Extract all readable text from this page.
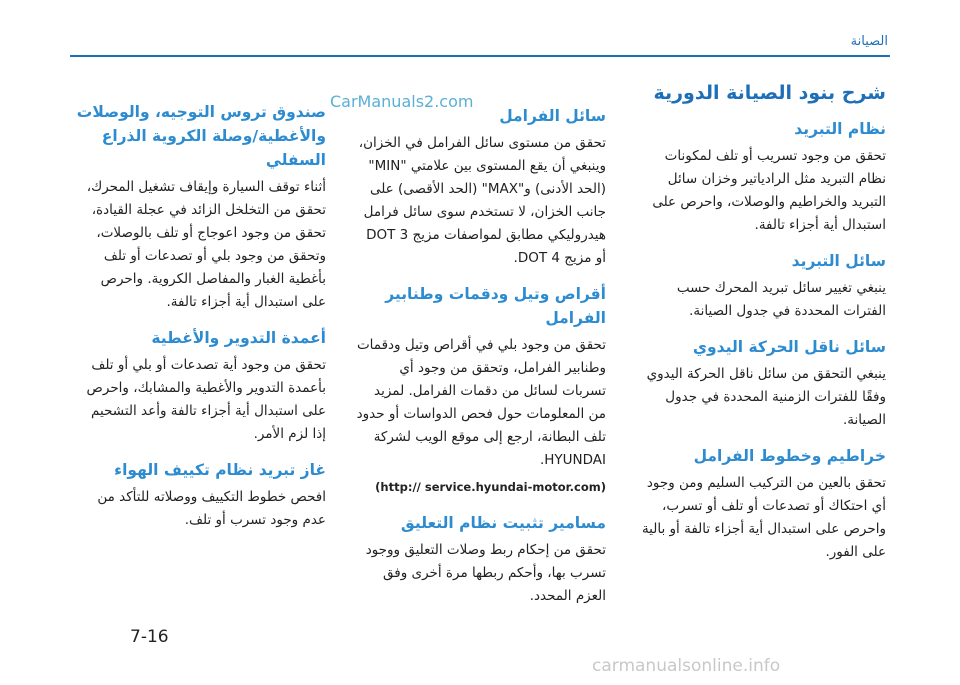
الصيانة
CarManuals2.com	شرح بنود الصيانة الدورية
نظام التبريد

تحقق من وجود تسريب أو تلف لمكونات نظام التبريد مثل الرادياتير وخزان سائل التبريد والخراطيم والوصلات، واحرص على استبدال أية أجزاء تالفة.

سائل التبريد

ينبغي تغيير سائل تبريد المحرك حسب الفترات المحددة في جدول الصيانة.

سائل ناقل الحركة اليدوي

ينبغي التحقق من سائل ناقل الحركة اليدوي وفقًا للفترات الزمنية المحددة في جدول الصيانة.

خراطيم وخطوط الفرامل

تحقق بالعين من التركيب السليم ومن وجود أي احتكاك أو تصدعات أو تلف أو تسرب، واحرص على استبدال أية أجزاء تالفة أو بالية على الفور.

سائل الفرامل

تحقق من مستوى سائل الفرامل في الخزان، وينبغي أن يقع المستوى بين علامتي "MIN" (الحد الأدنى) و"MAX" (الحد الأقصى) على جانب الخزان، لا تستخدم سوى سائل فرامل هيدروليكي مطابق لمواصفات مزيج DOT 3 أو مزيج DOT 4.

أقراص وتيل ودقمات وطنابير الفرامل

تحقق من وجود بلي في أقراص وتيل ودقمات وطنابير الفرامل، وتحقق من وجود أي تسربات لسائل من دقمات الفرامل. لمزيد من المعلومات حول فحص الدواسات أو حدود تلف البطانة، ارجع إلى موقع الويب لشركة HYUNDAI.

(http:// service.hyundai-motor.com)
مسامير تثبيت نظام التعليق

تحقق من إحكام ربط وصلات التعليق ووجود تسرب بها، وأحكم ربطها مرة أخرى وفق العزم المحدد.

صندوق تروس التوجيه، والوصلات والأغطية/وصلة الكروية الذراع السفلي

أثناء توقف السيارة وإيقاف تشغيل المحرك، تحقق من التخلخل الزائد في عجلة القيادة، تحقق من وجود اعوجاج أو تلف بالوصلات، وتحقق من وجود بلي أو تصدعات أو تلف بأغطية الغبار والمفاصل الكروية. واحرص على استبدال أية أجزاء تالفة.

أعمدة التدوير والأغطية

تحقق من وجود أية تصدعات أو بلي أو تلف بأعمدة التدوير والأغطية والمشابك، واحرص على استبدال أية أجزاء تالفة وأعد التشحيم إذا لزم الأمر.

غاز تبريد نظام تكييف الهواء

افحص خطوط التكييف ووصلاته للتأكد من عدم وجود تسرب أو تلف.

7-16
carmanualsonline.info
